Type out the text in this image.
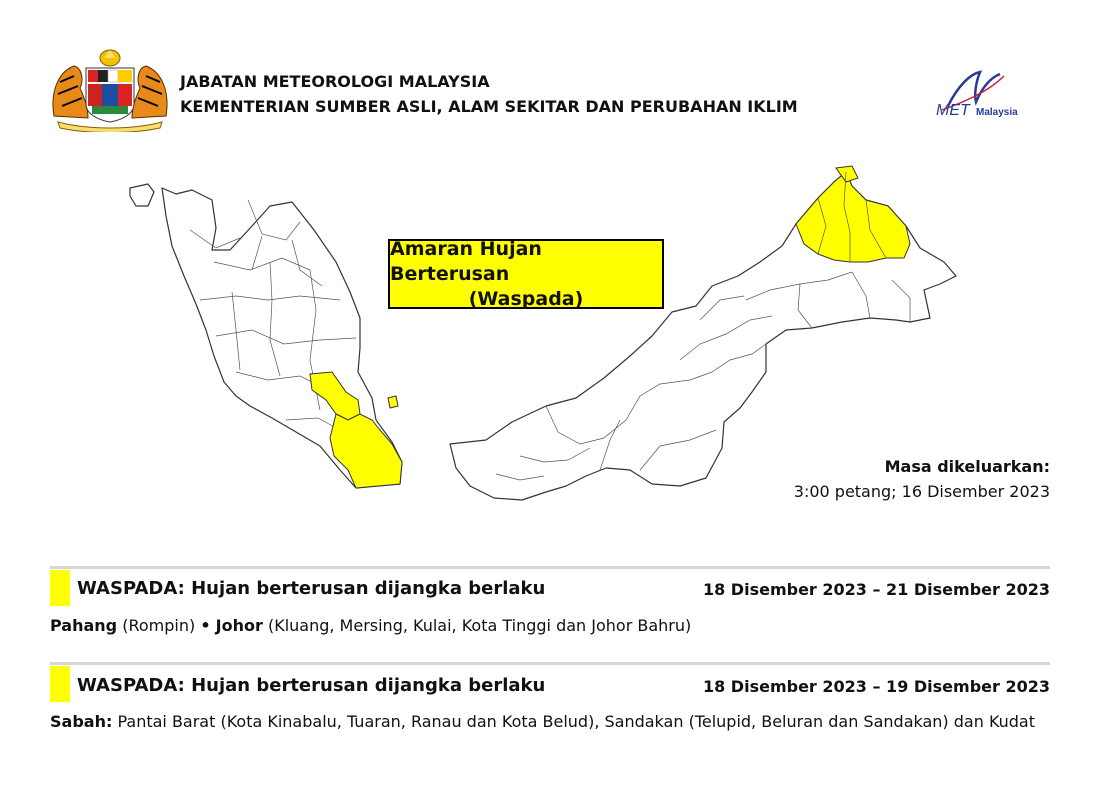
JABATAN METEOROLOGI MALAYSIA
KEMENTERIAN SUMBER ASLI, ALAM SEKITAR DAN PERUBAHAN IKLIM	MET Malaysia
Amaran Hujan Berterusan
(Waspada)
Masa dikeluarkan:
3:00 petang; 16 Disember 2023
WASPADA: Hujan berterusan dijangka berlaku	18 Disember 2023 – 21 Disember 2023
Pahang (Rompin) • Johor (Kluang, Mersing, Kulai, Kota Tinggi dan Johor Bahru)
WASPADA: Hujan berterusan dijangka berlaku	18 Disember 2023 – 19 Disember 2023
Sabah: Pantai Barat (Kota Kinabalu, Tuaran, Ranau dan Kota Belud), Sandakan (Telupid, Beluran dan Sandakan) dan Kudat
